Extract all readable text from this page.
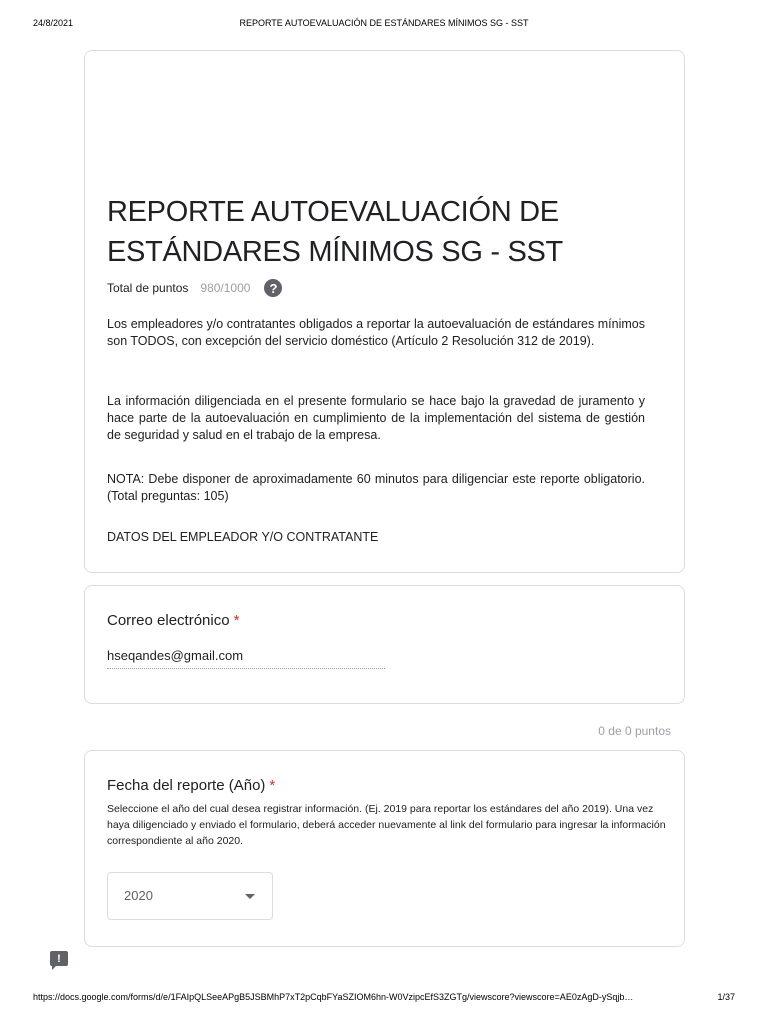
24/8/2021	REPORTE AUTOEVALUACIÓN DE ESTÁNDARES MÍNIMOS SG - SST
REPORTE AUTOEVALUACIÓN DE ESTÁNDARES MÍNIMOS SG - SST
Total de puntos 980/1000	?

Los empleadores y/o contratantes obligados a reportar la autoevaluación de estándares mínimos son TODOS, con excepción del servicio doméstico (Artículo 2 Resolución 312 de 2019).

La información diligenciada en el presente formulario se hace bajo la gravedad de juramento y hace parte de la autoevaluación en cumplimiento de la implementación del sistema de gestión de seguridad y salud en el trabajo de la empresa.

NOTA: Debe disponer de aproximadamente 60 minutos para diligenciar este reporte obligatorio. (Total preguntas: 105)

DATOS DEL EMPLEADOR Y/O CONTRATANTE

Correo electrónico *
hseqandes@gmail.com
0 de 0 puntos
Fecha del reporte (Año) *
Seleccione el año del cual desea registrar información. (Ej. 2019 para reportar los estándares del año 2019). Una vez haya diligenciado y enviado el formulario, deberá acceder nuevamente al link del formulario para ingresar la información correspondiente al año 2020.
2020
!
https://docs.google.com/forms/d/e/1FAIpQLSeeAPgB5JSBMhP7xT2pCqbFYaSZIOM6hn-W0VzipcEfS3ZGTg/viewscore?viewscore=AE0zAgD-ySqjb…	1/37
